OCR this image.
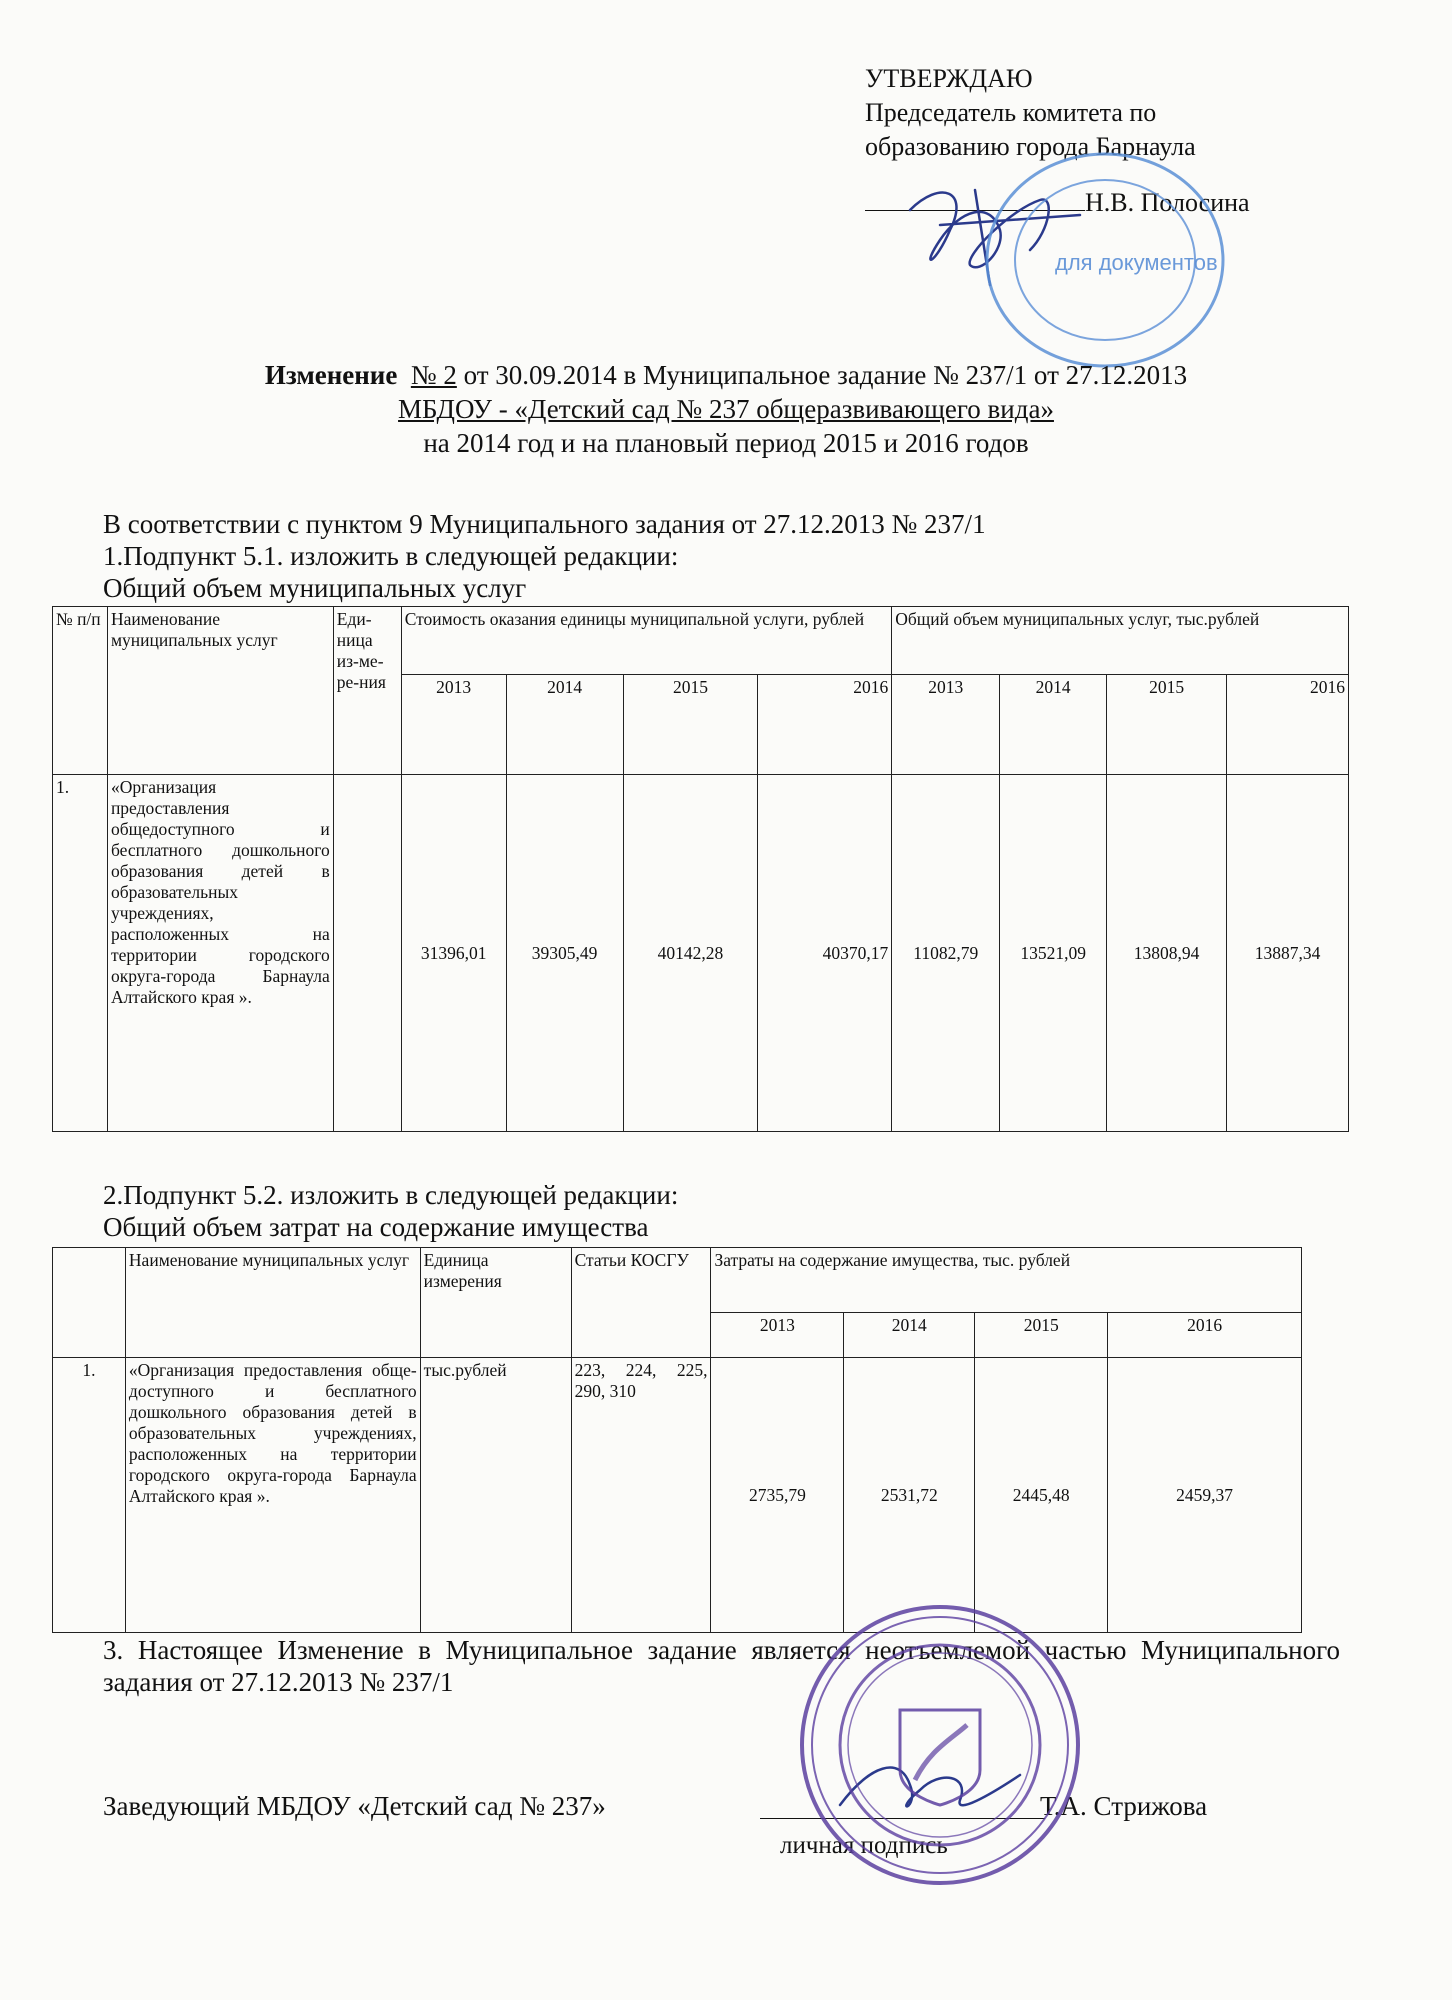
УТВЕРЖДАЮ
Председатель комитета по
образованию города Барнаула
Н.В. Полосина
для документов
Изменение № 2 от 30.09.2014 в Муниципальное задание № 237/1 от 27.12.2013
МБДОУ - «Детский сад № 237 общеразвивающего вида»
на 2014 год и на плановый период 2015 и 2016 годов
В соответствии с пунктом 9 Муниципального задания от 27.12.2013 № 237/1
1.Подпункт 5.1. изложить в следующей редакции:
Общий объем муниципальных услуг
№ п/п	Наименование муниципальных услуг	Еди-ница из-ме-ре-ния	Стоимость оказания единицы муниципальной услуги, рублей				Общий объем муниципальных услуг, тыс.рублей			
			2013	2014	2015	2016	2013	2014	2015	2016
1.	«Организация предоставления общедоступного и бесплатного дошкольного образования детей в образовательных учреждениях, расположенных на территории городского округа-города Барнаула Алтайского края ».		31396,01	39305,49	40142,28	40370,17	11082,79	13521,09	13808,94	13887,34
2.Подпункт 5.2. изложить в следующей редакции:
Общий объем затрат на содержание имущества
	Наименование муниципальных услуг	Единица измерения	Статьи КОСГУ	Затраты на содержание имущества, тыс. рублей			
				2013	2014	2015	2016
1.	«Организация предоставления обще-доступного и бесплатного дошкольного образования детей в образовательных учреждениях, расположенных на территории городского округа-города Барнаула Алтайского края ».	тыс.рублей	223, 224, 225, 290, 310	2735,79	2531,72	2445,48	2459,37
3. Настоящее Изменение в Муниципальное задание является неотъемлемой частью Муниципального задания от 27.12.2013 № 237/1
Заведующий МБДОУ «Детский сад № 237»	Т.А. Стрижова
личная подпись
